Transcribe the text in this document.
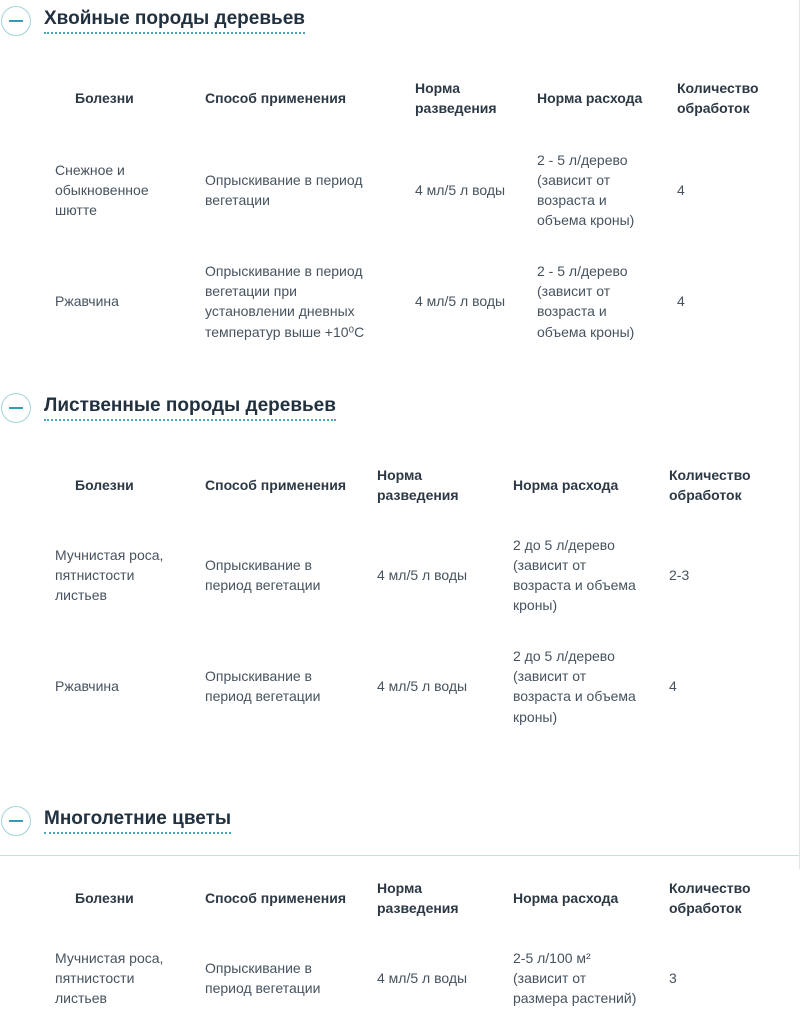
Хвойные породы деревьев
Болезни	Способ применения	Норма разведения	Норма расхода	Количество обработок
Снежное и обыкновенное шютте	Опрыскивание в период вегетации	4 мл/5 л воды	2 - 5 л/дерево (зависит от возраста и объема кроны)	4
Ржавчина	Опрыскивание в период вегетации при установлении дневных температур выше +10⁰С	4 мл/5 л воды	2 - 5 л/дерево (зависит от возраста и объема кроны)	4
Лиственные породы деревьев
Болезни	Способ применения	Норма разведения	Норма расхода	Количество обработок
Мучнистая роса, пятнистости листьев	Опрыскивание в период вегетации	4 мл/5 л воды	2 до 5 л/дерево (зависит от возраста и объема кроны)	2-3
Ржавчина	Опрыскивание в период вегетации	4 мл/5 л воды	2 до 5 л/дерево (зависит от возраста и объема кроны)	4
Многолетние цветы
Болезни	Способ применения	Норма разведения	Норма расхода	Количество обработок
Мучнистая роса, пятнистости листьев	Опрыскивание в период вегетации	4 мл/5 л воды	2-5 л/100 м² (зависит от размера растений)	3
